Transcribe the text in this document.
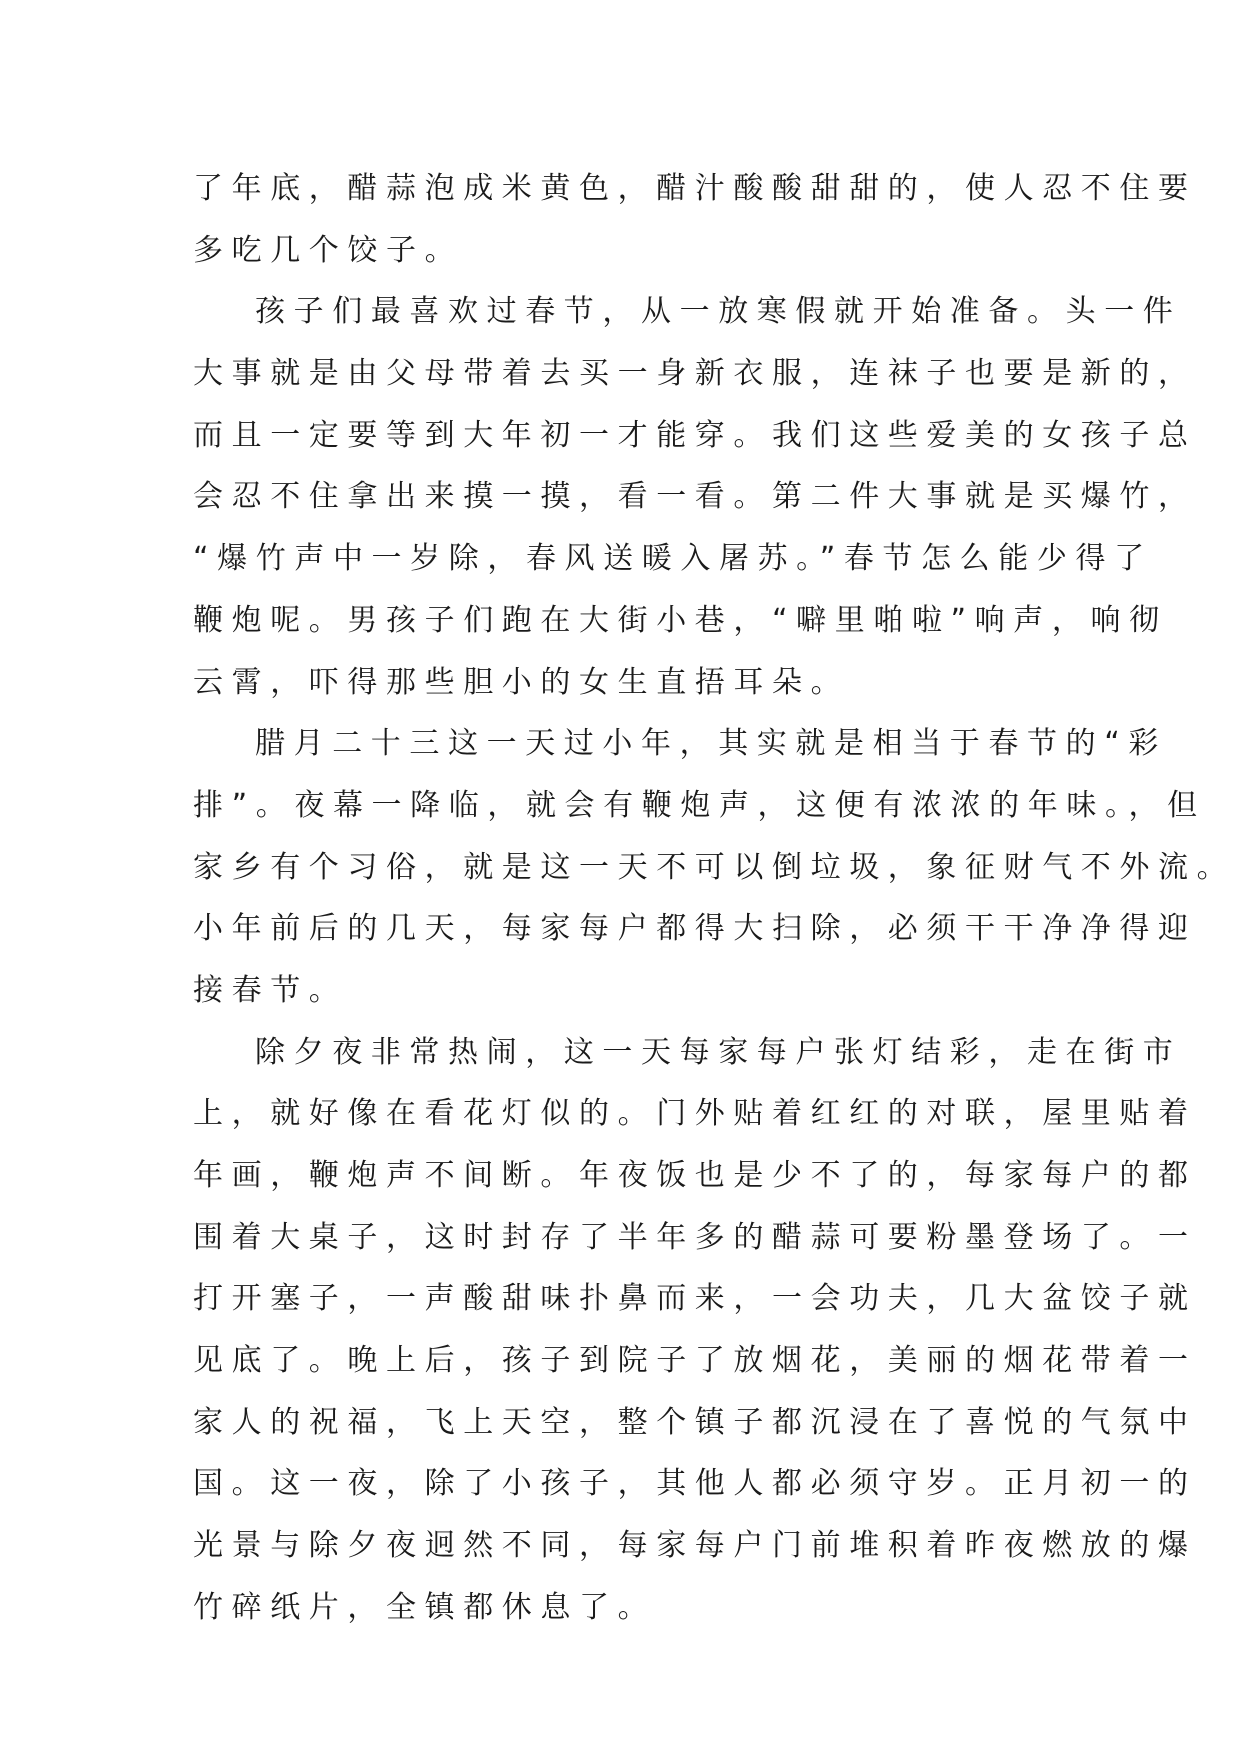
了年底，醋蒜泡成米黄色，醋汁酸酸甜甜的，使人忍不住要
多吃几个饺子。
孩子们最喜欢过春节，从一放寒假就开始准备。头一件
大事就是由父母带着去买一身新衣服，连袜子也要是新的，
而且一定要等到大年初一才能穿。我们这些爱美的女孩子总
会忍不住拿出来摸一摸，看一看。第二件大事就是买爆竹，
“爆竹声中一岁除，春风送暖入屠苏。”春节怎么能少得了
鞭炮呢。男孩子们跑在大街小巷，“噼里啪啦”响声，响彻
云霄，吓得那些胆小的女生直捂耳朵。
腊月二十三这一天过小年，其实就是相当于春节的“彩
排”。夜幕一降临，就会有鞭炮声，这便有浓浓的年味。，但
家乡有个习俗，就是这一天不可以倒垃圾，象征财气不外流。
小年前后的几天，每家每户都得大扫除，必须干干净净得迎
接春节。
除夕夜非常热闹，这一天每家每户张灯结彩，走在街市
上，就好像在看花灯似的。门外贴着红红的对联，屋里贴着
年画，鞭炮声不间断。年夜饭也是少不了的，每家每户的都
围着大桌子，这时封存了半年多的醋蒜可要粉墨登场了。一
打开塞子，一声酸甜味扑鼻而来，一会功夫，几大盆饺子就
见底了。晚上后，孩子到院子了放烟花，美丽的烟花带着一
家人的祝福，飞上天空，整个镇子都沉浸在了喜悦的气氛中
国。这一夜，除了小孩子，其他人都必须守岁。正月初一的
光景与除夕夜迥然不同，每家每户门前堆积着昨夜燃放的爆
竹碎纸片，全镇都休息了。
